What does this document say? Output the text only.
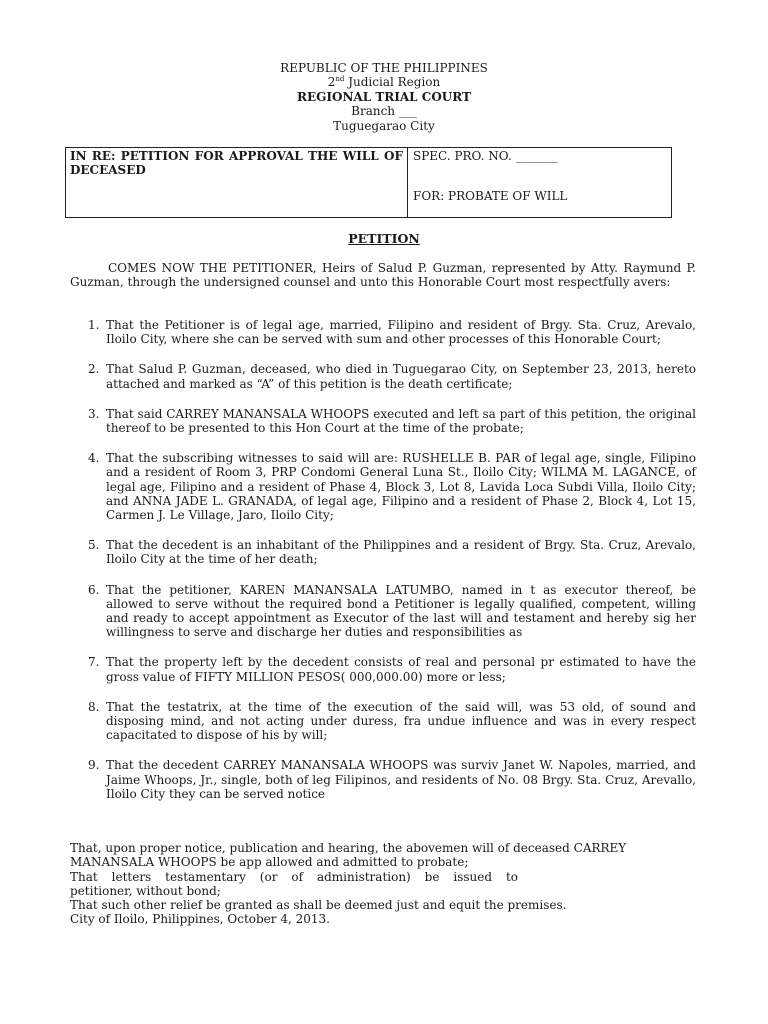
REPUBLIC OF THE PHILIPPINES
2nd Judicial Region
REGIONAL TRIAL COURT
Branch ___
Tuguegarao City
IN RE: PETITION FOR APPROVAL THE WILL OF DECEASED
SPEC. PRO. NO. _______
FOR: PROBATE OF WILL
PETITION
COMES NOW THE PETITIONER, Heirs of Salud P. Guzman, represented by Atty. Raymund P. Guzman, through the undersigned counsel and unto this Honorable Court most respectfully avers:
1. That the Petitioner is of legal age, married, Filipino and resident of Brgy. Sta. Cruz, Arevalo, Iloilo City, where she can be served with sum and other processes of this Honorable Court;
2. That Salud P. Guzman, deceased, who died in Tuguegarao City, on September 23, 2013, hereto attached and marked as “A” of this petition is the death certificate;
3. That said CARREY MANANSALA WHOOPS executed and left sa part of this petition, the original thereof to be presented to this Hon Court at the time of the probate;
4. That the subscribing witnesses to said will are: RUSHELLE B. PAR of legal age, single, Filipino and a resident of Room 3, PRP Condomi General Luna St., Iloilo City; WILMA M. LAGANCE, of legal age, Filipino and a resident of Phase 4, Block 3, Lot 8, Lavida Loca Subdi Villa, Iloilo City; and ANNA JADE L. GRANADA, of legal age, Filipino and a resident of Phase 2, Block 4, Lot 15, Carmen J. Le Village, Jaro, Iloilo City;
5. That the decedent is an inhabitant of the Philippines and a resident of Brgy. Sta. Cruz, Arevalo, Iloilo City at the time of her death;
6. That the petitioner, KAREN MANANSALA LATUMBO, named in t as executor thereof, be allowed to serve without the required bond a Petitioner is legally qualified, competent, willing and ready to accept appointment as Executor of the last will and testament and hereby sig her willingness to serve and discharge her duties and responsibilities as
7. That the property left by the decedent consists of real and personal pr estimated to have the gross value of FIFTY MILLION PESOS( 000,000.00) more or less;
8. That the testatrix, at the time of the execution of the said will, was 53 old, of sound and disposing mind, and not acting under duress, fra undue influence and was in every respect capacitated to dispose of his by will;
9. That the decedent CARREY MANANSALA WHOOPS was surviv Janet W. Napoles, married, and Jaime Whoops, Jr., single, both of leg Filipinos, and residents of No. 08 Brgy. Sta. Cruz, Arevallo, Iloilo City they can be served notice
That, upon proper notice, publication and hearing, the abovemen will of deceased CARREY MANANSALA WHOOPS be app allowed and admitted to probate;
That letters testamentary (or of administration) be issued to
petitioner, without bond;
That such other relief be granted as shall be deemed just and equit the premises.
City of Iloilo, Philippines, October 4, 2013.
